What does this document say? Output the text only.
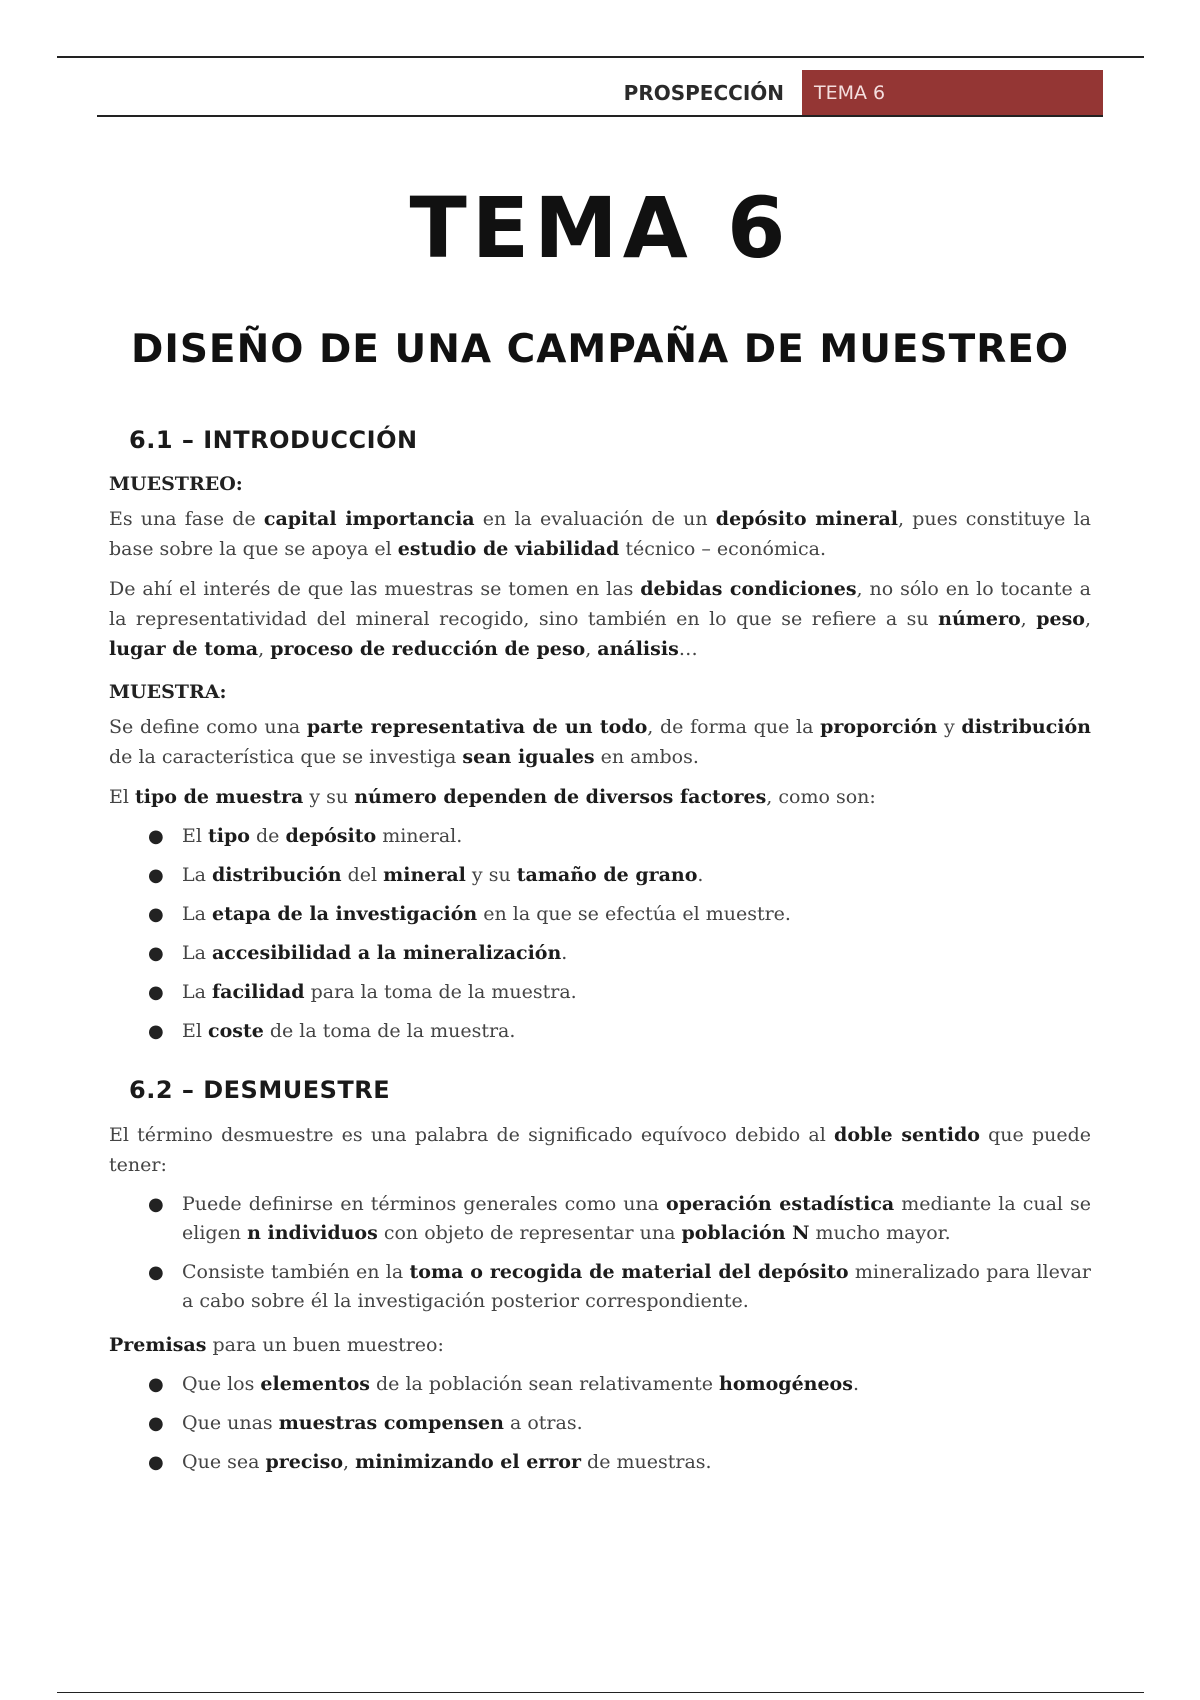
PROSPECCIÓN	TEMA 6
TEMA 6
DISEÑO DE UNA CAMPAÑA DE MUESTREO
6.1 – INTRODUCCIÓN
MUESTREO:

Es una fase de capital importancia en la evaluación de un depósito mineral, pues constituye la base sobre la que se apoya el estudio de viabilidad técnico – económica.

De ahí el interés de que las muestras se tomen en las debidas condiciones, no sólo en lo tocante a la representatividad del mineral recogido, sino también en lo que se refiere a su número, peso, lugar de toma, proceso de reducción de peso, análisis…

MUESTRA:

Se define como una parte representativa de un todo, de forma que la proporción y distribución de la característica que se investiga sean iguales en ambos.

El tipo de muestra y su número dependen de diversos factores, como son:

● El tipo de depósito mineral.
● La distribución del mineral y su tamaño de grano.
● La etapa de la investigación en la que se efectúa el muestre.
● La accesibilidad a la mineralización.
● La facilidad para la toma de la muestra.
● El coste de la toma de la muestra.
6.2 – DESMUESTRE

El término desmuestre es una palabra de significado equívoco debido al doble sentido que puede tener:

● Puede definirse en términos generales como una operación estadística mediante la cual se eligen n individuos con objeto de representar una población N mucho mayor.
● Consiste también en la toma o recogida de material del depósito mineralizado para llevar a cabo sobre él la investigación posterior correspondiente.

Premisas para un buen muestreo:

● Que los elementos de la población sean relativamente homogéneos.
● Que unas muestras compensen a otras.
● Que sea preciso, minimizando el error de muestras.
